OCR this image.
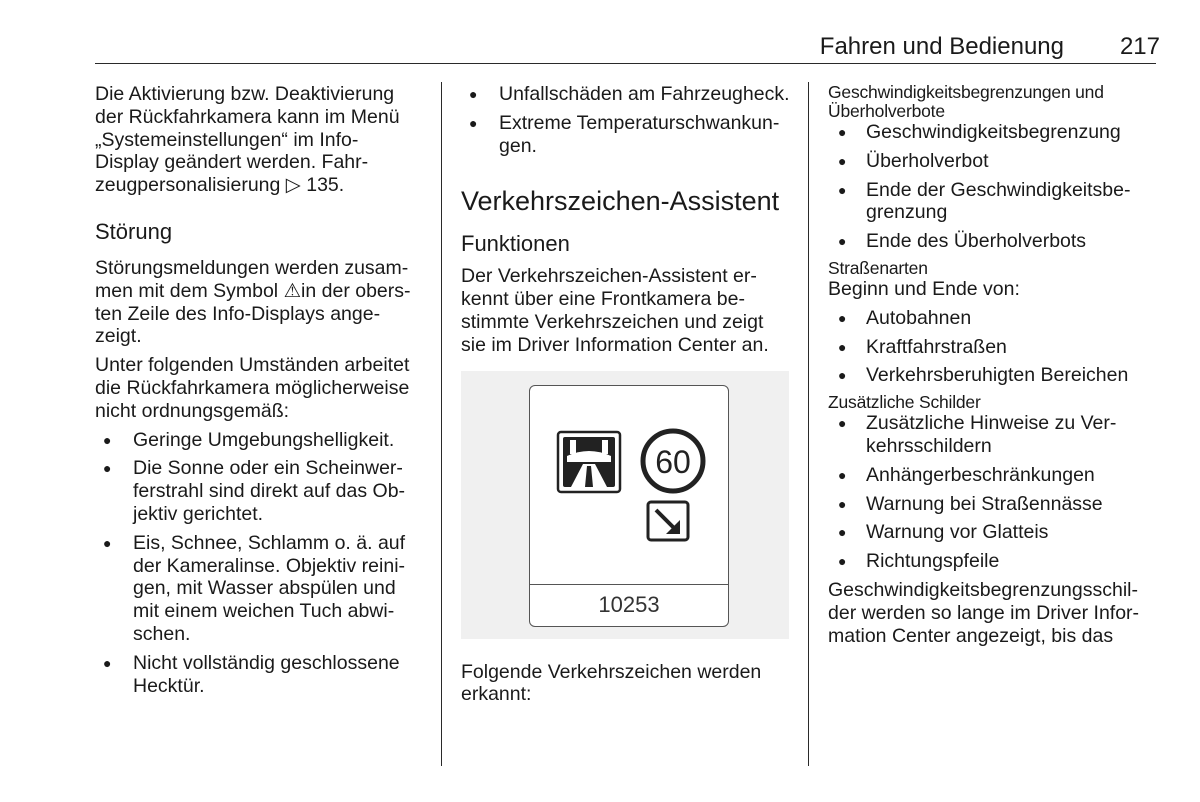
Fahren und Bedienung	217

Die Aktivierung bzw. Deaktivierung der Rückfahrkamera kann im Menü „Systemeinstellungen“ im Info-Display geändert werden. Fahrzeugpersonalisierung ▷ 135.

Störung

Störungsmeldungen werden zusammen mit dem Symbol ⚠in der obersten Zeile des Info-Displays angezeigt.

Unter folgenden Umständen arbeitet die Rückfahrkamera möglicherweise nicht ordnungsgemäß:

● Geringe Umgebungshelligkeit.
● Die Sonne oder ein Scheinwerferstrahl sind direkt auf das Objektiv gerichtet.
● Eis, Schnee, Schlamm o. ä. auf der Kameralinse. Objektiv reinigen, mit Wasser abspülen und mit einem weichen Tuch abwischen.
● Nicht vollständig geschlossene Hecktür.
● Unfallschäden am Fahrzeugheck.
● Extreme Temperaturschwankungen.
Verkehrszeichen-Assistent
Funktionen

Der Verkehrszeichen-Assistent erkennt über eine Frontkamera bestimmte Verkehrszeichen und zeigt sie im Driver Information Center an.

60
10253

Folgende Verkehrszeichen werden erkannt:

Geschwindigkeitsbegrenzungen und Überholverbote

● Geschwindigkeitsbegrenzung
● Überholverbot
● Ende der Geschwindigkeitsbegrenzung
● Ende des Überholverbots

Straßenarten

Beginn und Ende von:

● Autobahnen
● Kraftfahrstraßen
● Verkehrsberuhigten Bereichen

Zusätzliche Schilder

● Zusätzliche Hinweise zu Verkehrsschildern
● Anhängerbeschränkungen
● Warnung bei Straßennässe
● Warnung vor Glatteis
● Richtungspfeile

Geschwindigkeitsbegrenzungsschilder werden so lange im Driver Information Center angezeigt, bis das
